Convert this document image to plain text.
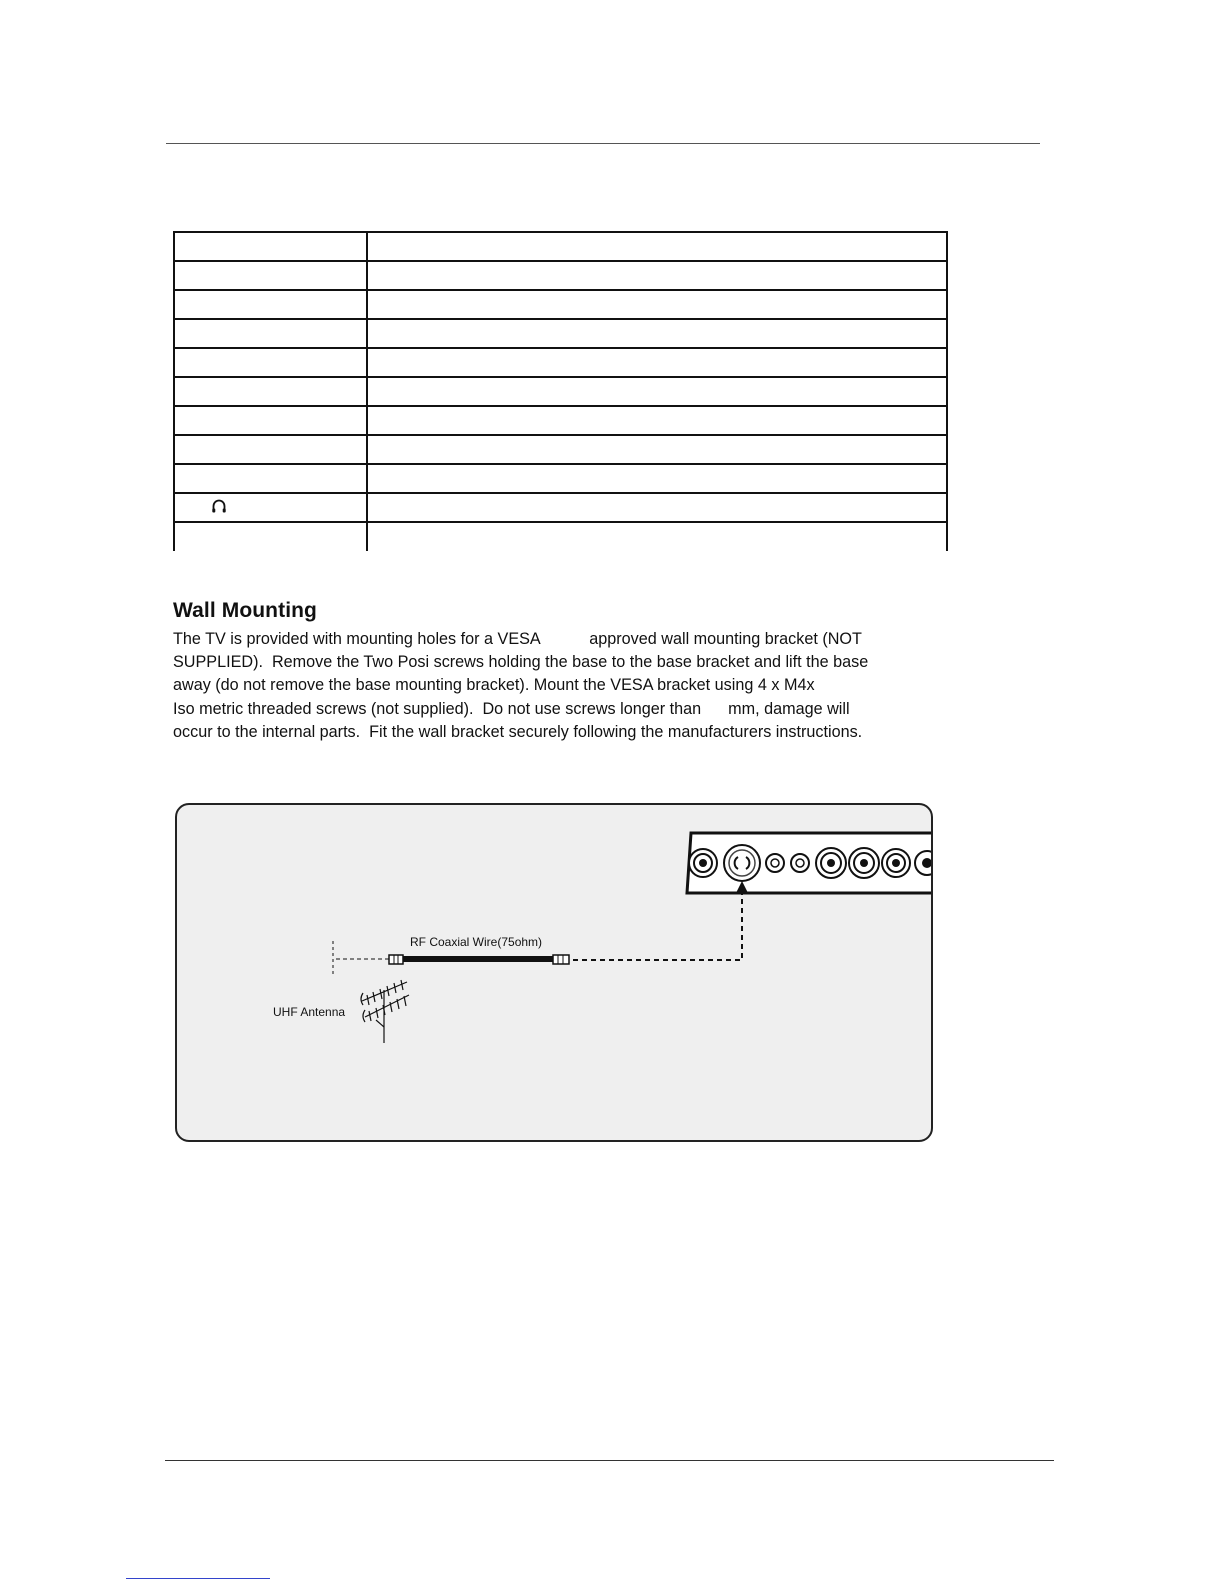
Wall Mounting
The TV is provided with mounting holes for a VESA           approved wall mounting bracket (NOT
SUPPLIED).  Remove the Two Posi screws holding the base to the base bracket and lift the base
away (do not remove the base mounting bracket). Mount the VESA bracket using 4 x M4x
Iso metric threaded screws (not supplied).  Do not use screws longer than      mm, damage will
occur to the internal parts.  Fit the wall bracket securely following the manufacturers instructions.
RF Coaxial Wire(75ohm)
UHF Antenna
